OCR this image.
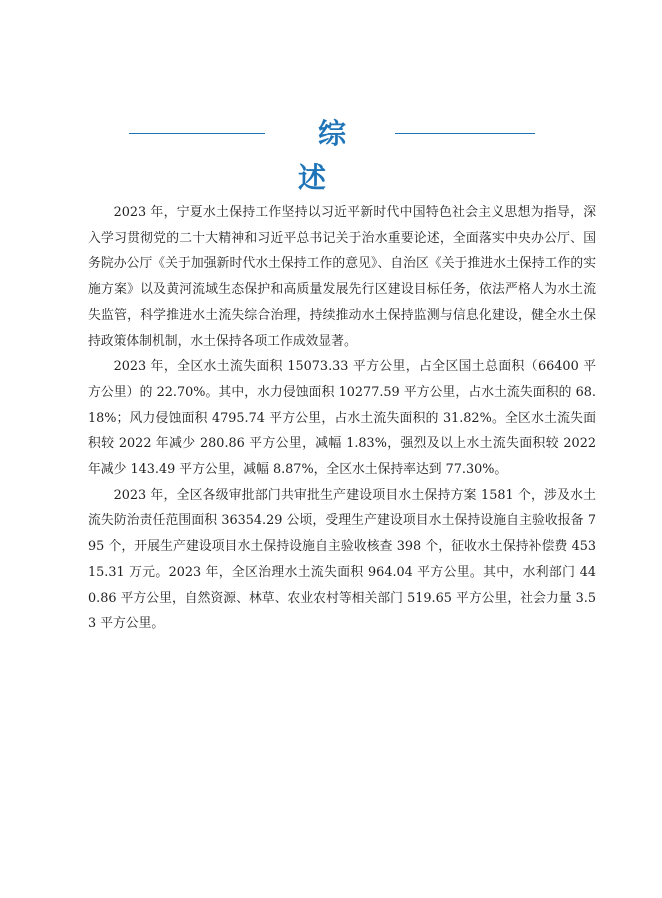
综述

2023 年，宁夏水土保持工作坚持以习近平新时代中国特色社会主义思想为指导，深入学习贯彻党的二十大精神和习近平总书记关于治水重要论述，全面落实中央办公厅、国务院办公厅《关于加强新时代水土保持工作的意见》、自治区《关于推进水土保持工作的实施方案》以及黄河流域生态保护和高质量发展先行区建设目标任务，依法严格人为水土流失监管，科学推进水土流失综合治理，持续推动水土保持监测与信息化建设，健全水土保持政策体制机制，水土保持各项工作成效显著。

2023 年，全区水土流失面积 15073.33 平方公里，占全区国土总面积（66400 平方公里）的 22.70%。其中，水力侵蚀面积 10277.59 平方公里，占水土流失面积的 68.18%；风力侵蚀面积 4795.74 平方公里，占水土流失面积的 31.82%。全区水土流失面积较 2022 年减少 280.86 平方公里，减幅 1.83%，强烈及以上水土流失面积较 2022 年减少 143.49 平方公里，减幅 8.87%，全区水土保持率达到 77.30%。

2023 年，全区各级审批部门共审批生产建设项目水土保持方案 1581 个，涉及水土流失防治责任范围面积 36354.29 公顷，受理生产建设项目水土保持设施自主验收报备 795 个，开展生产建设项目水土保持设施自主验收核查 398 个，征收水土保持补偿费 45315.31 万元。2023 年，全区治理水土流失面积 964.04 平方公里。其中，水利部门 440.86 平方公里，自然资源、林草、农业农村等相关部门 519.65 平方公里，社会力量 3.53 平方公里。
